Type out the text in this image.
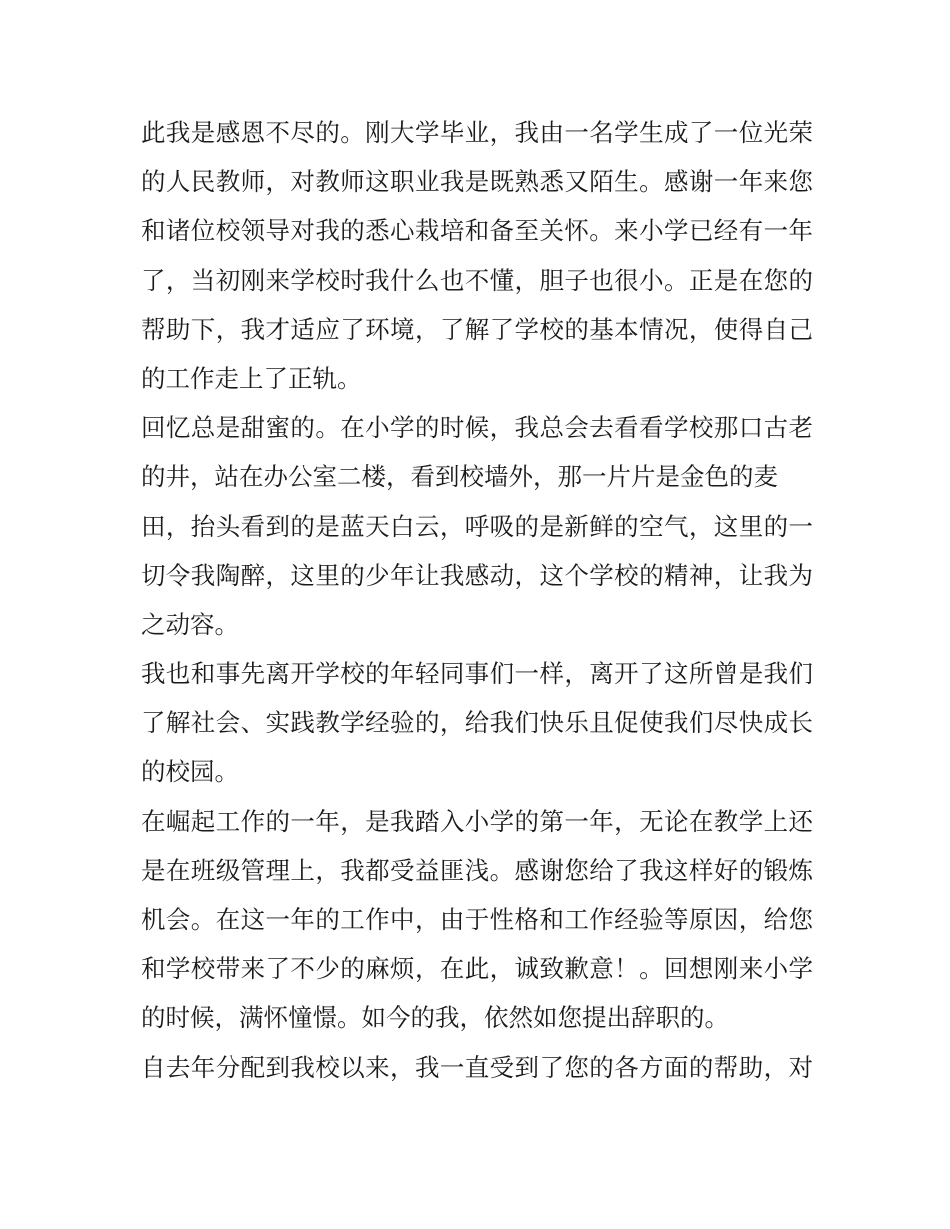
此我是感恩不尽的。刚大学毕业，我由一名学生成了一位光荣
的人民教师，对教师这职业我是既熟悉又陌生。感谢一年来您
和诸位校领导对我的悉心栽培和备至关怀。来小学已经有一年
了，当初刚来学校时我什么也不懂，胆子也很小。正是在您的
帮助下，我才适应了环境，了解了学校的基本情况，使得自己
的工作走上了正轨。
回忆总是甜蜜的。在小学的时候，我总会去看看学校那口古老
的井，站在办公室二楼，看到校墙外，那一片片是金色的麦
田，抬头看到的是蓝天白云，呼吸的是新鲜的空气，这里的一
切令我陶醉，这里的少年让我感动，这个学校的精神，让我为
之动容。
我也和事先离开学校的年轻同事们一样，离开了这所曾是我们
了解社会、实践教学经验的，给我们快乐且促使我们尽快成长
的校园。
在崛起工作的一年，是我踏入小学的第一年，无论在教学上还
是在班级管理上，我都受益匪浅。感谢您给了我这样好的锻炼
机会。在这一年的工作中，由于性格和工作经验等原因，给您
和学校带来了不少的麻烦，在此，诚致歉意！。回想刚来小学
的时候，满怀憧憬。如今的我，依然如您提出辞职的。
自去年分配到我校以来，我一直受到了您的各方面的帮助，对
